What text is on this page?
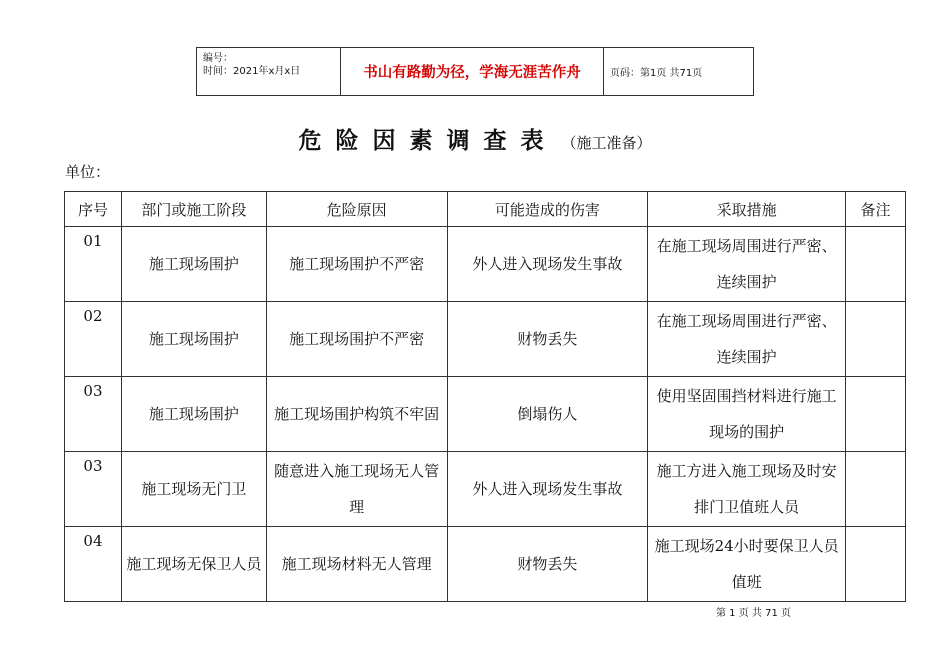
编号：
时间：2021年x月x日	书山有路勤为径，学海无涯苦作舟	页码：第1页 共71页
危险因素调查表 （施工准备）
单位：
序号	部门或施工阶段	危险原因	可能造成的伤害	采取措施	备注
01	施工现场围护	施工现场围护不严密	外人进入现场发生事故	在施工现场周围进行严密、连续围护	
02	施工现场围护	施工现场围护不严密	财物丢失	在施工现场周围进行严密、连续围护	
03	施工现场围护	施工现场围护构筑不牢固	倒塌伤人	使用坚固围挡材料进行施工现场的围护	
03	施工现场无门卫	随意进入施工现场无人管理	外人进入现场发生事故	施工方进入施工现场及时安排门卫值班人员	
04	施工现场无保卫人员	施工现场材料无人管理	财物丢失	施工现场24小时要保卫人员值班	
第 1 页 共 71 页
